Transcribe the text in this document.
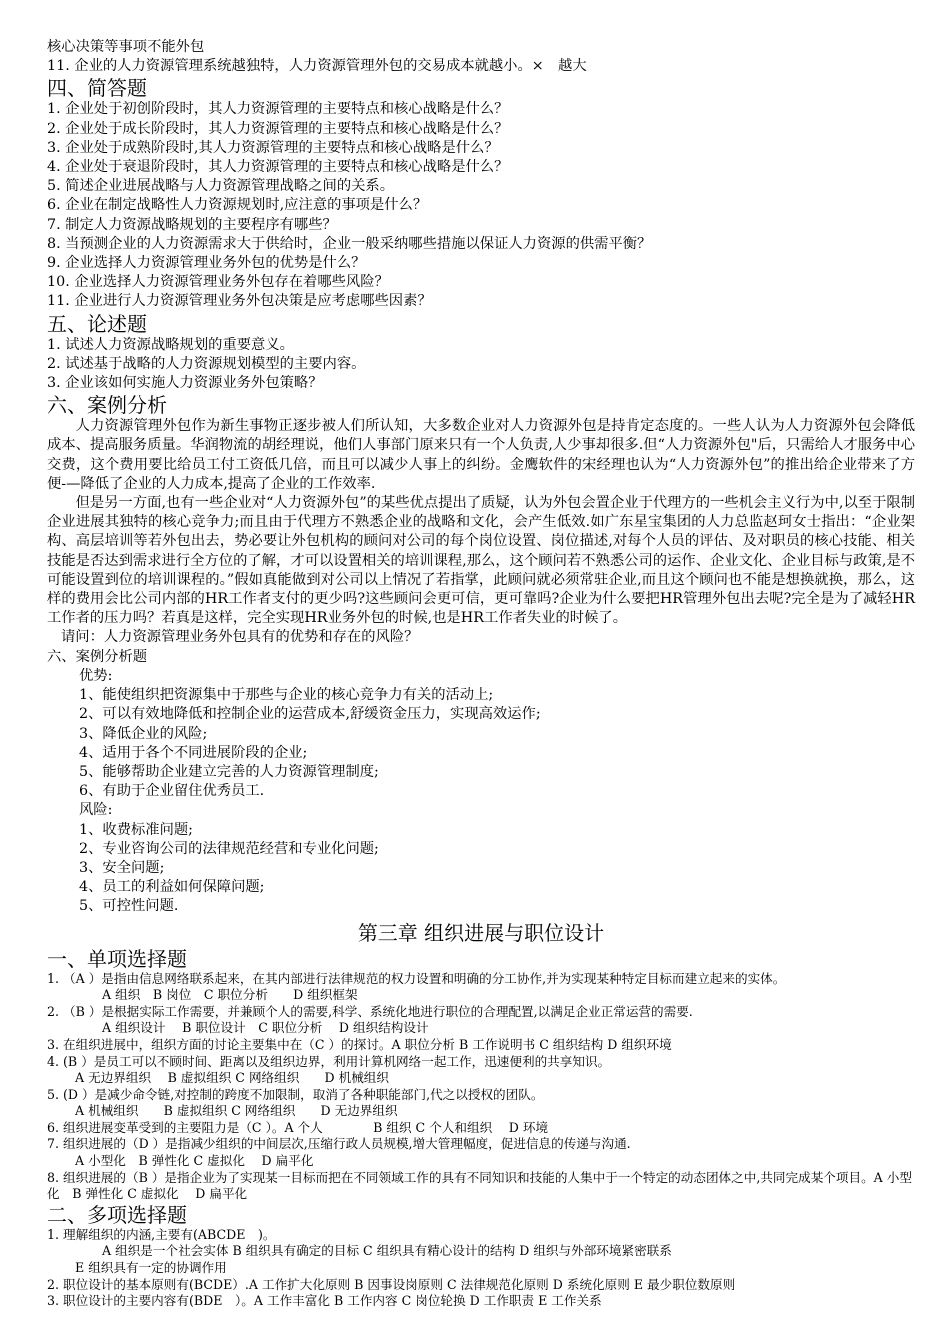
核心决策等事项不能外包
11. 企业的人力资源管理系统越独特，人力资源管理外包的交易成本就越小。×　越大
四、简答题
1. 企业处于初创阶段时，其人力资源管理的主要特点和核心战略是什么？
2. 企业处于成长阶段时，其人力资源管理的主要特点和核心战略是什么？
3. 企业处于成熟阶段时,其人力资源管理的主要特点和核心战略是什么？
4. 企业处于衰退阶段时，其人力资源管理的主要特点和核心战略是什么？
5. 简述企业进展战略与人力资源管理战略之间的关系。
6. 企业在制定战略性人力资源规划时,应注意的事项是什么？
7. 制定人力资源战略规划的主要程序有哪些？
8. 当预测企业的人力资源需求大于供给时，企业一般采纳哪些措施以保证人力资源的供需平衡？
9. 企业选择人力资源管理业务外包的优势是什么？
10. 企业选择人力资源管理业务外包存在着哪些风险？
11. 企业进行人力资源管理业务外包决策是应考虑哪些因素？
五、论述题
1. 试述人力资源战略规划的重要意义。
2. 试述基于战略的人力资源规划模型的主要内容。
3. 企业该如何实施人力资源业务外包策略？
六、案例分析
人力资源管理外包作为新生事物正逐步被人们所认知，大多数企业对人力资源外包是持肯定态度的。一些人认为人力资源外包会降低成本、提高服务质量。华润物流的胡经理说，他们人事部门原来只有一个人负责,人少事却很多.但“人力资源外包"后，只需给人才服务中心交费，这个费用要比给员工付工资低几倍，而且可以减少人事上的纠纷。金鹰软件的宋经理也认为“人力资源外包”的推出给企业带来了方便-—降低了企业的人力成本,提高了企业的工作效率.
但是另一方面,也有一些企业对“人力资源外包”的某些优点提出了质疑，认为外包会置企业于代理方的一些机会主义行为中,以至于限制企业进展其独特的核心竞争力;而且由于代理方不熟悉企业的战略和文化，会产生低效.如广东星宝集团的人力总监赵珂女士指出：“企业架构、高层培训等若外包出去，势必要让外包机构的顾问对公司的每个岗位设置、岗位描述,对每个人员的评估、及对职员的核心技能、相关技能是否达到需求进行全方位的了解，才可以设置相关的培训课程,那么，这个顾问若不熟悉公司的运作、企业文化、企业目标与政策,是不可能设置到位的培训课程的。”假如真能做到对公司以上情况了若指掌，此顾问就必须常驻企业,而且这个顾问也不能是想换就换，那么，这样的费用会比公司内部的HR工作者支付的更少吗?这些顾问会更可信，更可靠吗?企业为什么要把HR管理外包出去呢?完全是为了减轻HR工作者的压力吗？若真是这样，完全实现HR业务外包的时候,也是HR工作者失业的时候了。
请问：人力资源管理业务外包具有的优势和存在的风险？
六、案例分析题
优势:
1、能使组织把资源集中于那些与企业的核心竞争力有关的活动上;
2、可以有效地降低和控制企业的运营成本,舒缓资金压力，实现高效运作;
3、降低企业的风险;
4、适用于各个不同进展阶段的企业;
5、能够帮助企业建立完善的人力资源管理制度;
6、有助于企业留住优秀员工.
风险:
1、收费标准问题;
2、专业咨询公司的法律规范经营和专业化问题;
3、安全问题;
4、员工的利益如何保障问题;
5、可控性问题.
第三章 组织进展与职位设计
一、单项选择题
1. （A ）是指由信息网络联系起来，在其内部进行法律规范的权力设置和明确的分工协作,并为实现某种特定目标而建立起来的实体。
A 组织　B 岗位　C 职位分析　　D 组织框架
2. （B ）是根据实际工作需要，并兼顾个人的需要,科学、系统化地进行职位的合理配置,以满足企业正常运营的需要.
A 组织设计　 B 职位设计　C 职位分析　 D 组织结构设计
3. 在组织进展中，组织方面的讨论主要集中在（C ）的探讨。A 职位分析 B 工作说明书 C 组织结构 D 组织环境
4. (B ）是员工可以不顾时间、距离以及组织边界，利用计算机网络一起工作，迅速便利的共享知识。
A 无边界组织　 B 虚拟组织 C 网络组织　　D 机械组织
5. (D ）是减少命令链,对控制的跨度不加限制，取消了各种职能部门,代之以授权的团队。
A 机械组织　　B 虚拟组织 C 网络组织　　D 无边界组织
6. 组织进展变革受到的主要阻力是（C ）。A 个人　　　　B 组织 C 个人和组织　 D 环境
7. 组织进展的（D ）是指减少组织的中间层次,压缩行政人员规模,增大管理幅度，促进信息的传递与沟通.
A 小型化　B 弹性化 C 虚拟化　 D 扁平化
8. 组织进展的（B ）是指企业为了实现某一目标而把在不同领域工作的具有不同知识和技能的人集中于一个特定的动态团体之中,共同完成某个项目。A 小型化　B 弹性化 C 虚拟化　 D 扁平化
二、多项选择题
1. 理解组织的内涵,主要有(ABCDE　)。
A 组织是一个社会实体 B 组织具有确定的目标 C 组织具有精心设计的结构 D 组织与外部环境紧密联系
E 组织具有一定的协调作用
2. 职位设计的基本原则有(BCDE）.A 工作扩大化原则 B 因事设岗原则 C 法律规范化原则 D 系统化原则 E 最少职位数原则
3. 职位设计的主要内容有(BDE　）。A 工作丰富化 B 工作内容 C 岗位轮换 D 工作职责 E 工作关系
